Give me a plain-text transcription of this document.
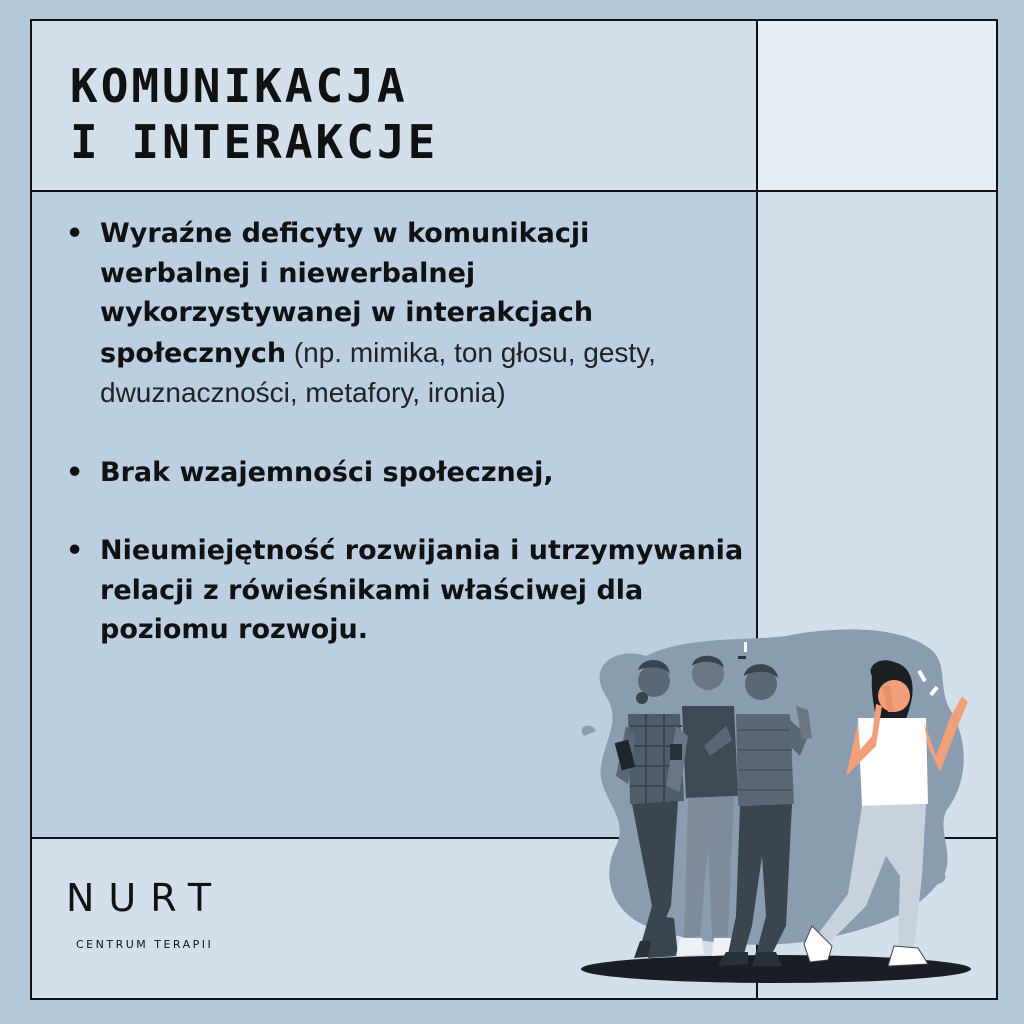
KOMUNIKACJA
I INTERAKCJE
• Wyraźne deficyty w komunikacji werbalnej i niewerbalnej wykorzystywanej w interakcjach społecznych (np. mimika, ton głosu, gesty, dwuznaczności, metafory, ironia)
• Brak wzajemności społecznej,
• Nieumiejętność rozwijania i utrzymywania relacji z rówieśnikami właściwej dla poziomu rozwoju.
NURT
CENTRUM TERAPII
